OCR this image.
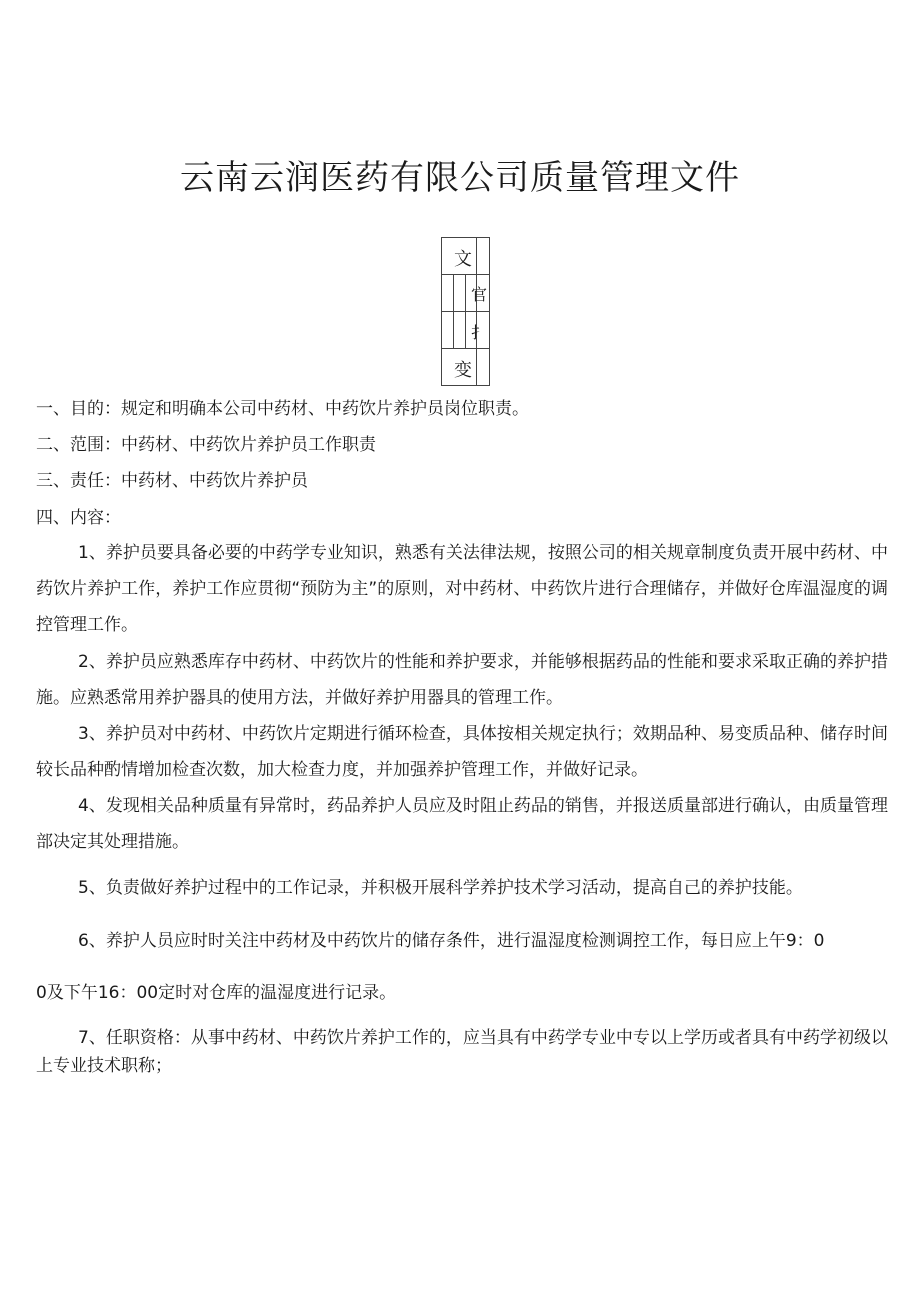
云南云润医药有限公司质量管理文件
文
官
扌
变
一、目的：规定和明确本公司中药材、中药饮片养护员岗位职责。
二、范围：中药材、中药饮片养护员工作职责
三、责任：中药材、中药饮片养护员
四、内容：
1、养护员要具备必要的中药学专业知识，熟悉有关法律法规，按照公司的相关规章制度负责开展中药材、中药饮片养护工作，养护工作应贯彻“预防为主”的原则，对中药材、中药饮片进行合理储存，并做好仓库温湿度的调控管理工作。
2、养护员应熟悉库存中药材、中药饮片的性能和养护要求，并能够根据药品的性能和要求采取正确的养护措施。应熟悉常用养护器具的使用方法，并做好养护用器具的管理工作。
3、养护员对中药材、中药饮片定期进行循环检查，具体按相关规定执行；效期品种、易变质品种、储存时间较长品种酌情增加检查次数，加大检查力度，并加强养护管理工作，并做好记录。
4、发现相关品种质量有异常时，药品养护人员应及时阻止药品的销售，并报送质量部进行确认，由质量管理部决定其处理措施。
5、负责做好养护过程中的工作记录，并积极开展科学养护技术学习活动，提高自己的养护技能。
6、养护人员应时时关注中药材及中药饮片的储存条件，进行温湿度检测调控工作，每日应上午9：0
0及下午16：00定时对仓库的温湿度进行记录。
7、任职资格：从事中药材、中药饮片养护工作的，应当具有中药学专业中专以上学历或者具有中药学初级以上专业技术职称；
